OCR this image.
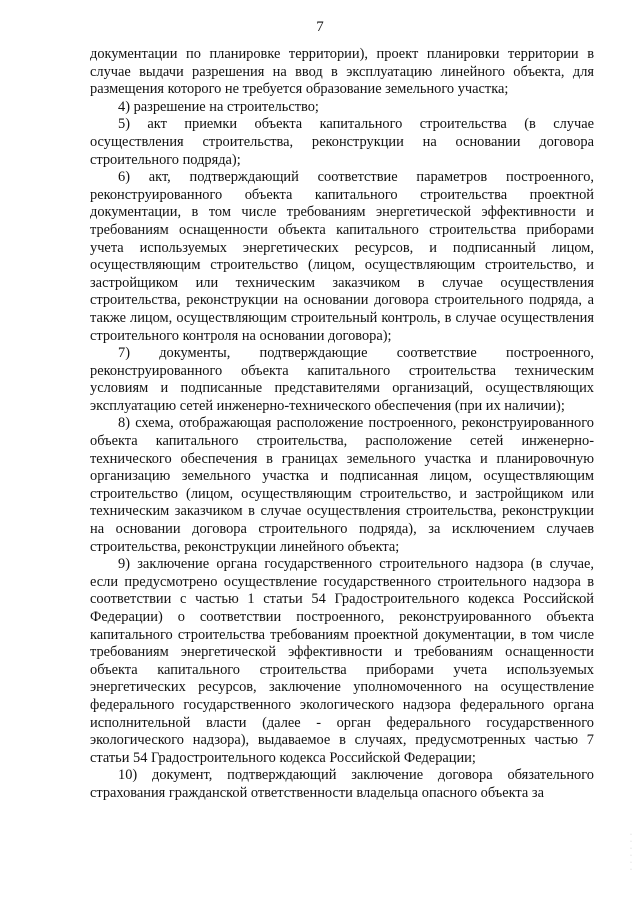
7

документации по планировке территории), проект планировки территории в случае выдачи разрешения на ввод в эксплуатацию линейного объекта, для размещения которого не требуется образование земельного участка;

4) разрешение на строительство;

5) акт приемки объекта капитального строительства (в случае осуществления строительства, реконструкции на основании договора строительного подряда);

6) акт, подтверждающий соответствие параметров построенного, реконструированного объекта капитального строительства проектной документации, в том числе требованиям энергетической эффективности и требованиям оснащенности объекта капитального строительства приборами учета используемых энергетических ресурсов, и подписанный лицом, осуществляющим строительство (лицом, осуществляющим строительство, и застройщиком или техническим заказчиком в случае осуществления строительства, реконструкции на основании договора строительного подряда, а также лицом, осуществляющим строительный контроль, в случае осуществления строительного контроля на основании договора);

7) документы, подтверждающие соответствие построенного, реконструированного объекта капитального строительства техническим условиям и подписанные представителями организаций, осуществляющих эксплуатацию сетей инженерно-технического обеспечения (при их наличии);

8) схема, отображающая расположение построенного, реконструированного объекта капитального строительства, расположение сетей инженерно-технического обеспечения в границах земельного участка и планировочную организацию земельного участка и подписанная лицом, осуществляющим строительство (лицом, осуществляющим строительство, и застройщиком или техническим заказчиком в случае осуществления строительства, реконструкции на основании договора строительного подряда), за исключением случаев строительства, реконструкции линейного объекта;

9) заключение органа государственного строительного надзора (в случае, если предусмотрено осуществление государственного строительного надзора в соответствии с частью 1 статьи 54 Градостроительного кодекса Российской Федерации) о соответствии построенного, реконструированного объекта капитального строительства требованиям проектной документации, в том числе требованиям энергетической эффективности и требованиям оснащенности объекта капитального строительства приборами учета используемых энергетических ресурсов, заключение уполномоченного на осуществление федерального государственного экологического надзора федерального органа исполнительной власти (далее - орган федерального государственного экологического надзора), выдаваемое в случаях, предусмотренных частью 7 статьи 54 Градостроительного кодекса Российской Федерации;

10) документ, подтверждающий заключение договора обязательного страхования гражданской ответственности владельца опасного объекта за

·
·
·
·
·
·
